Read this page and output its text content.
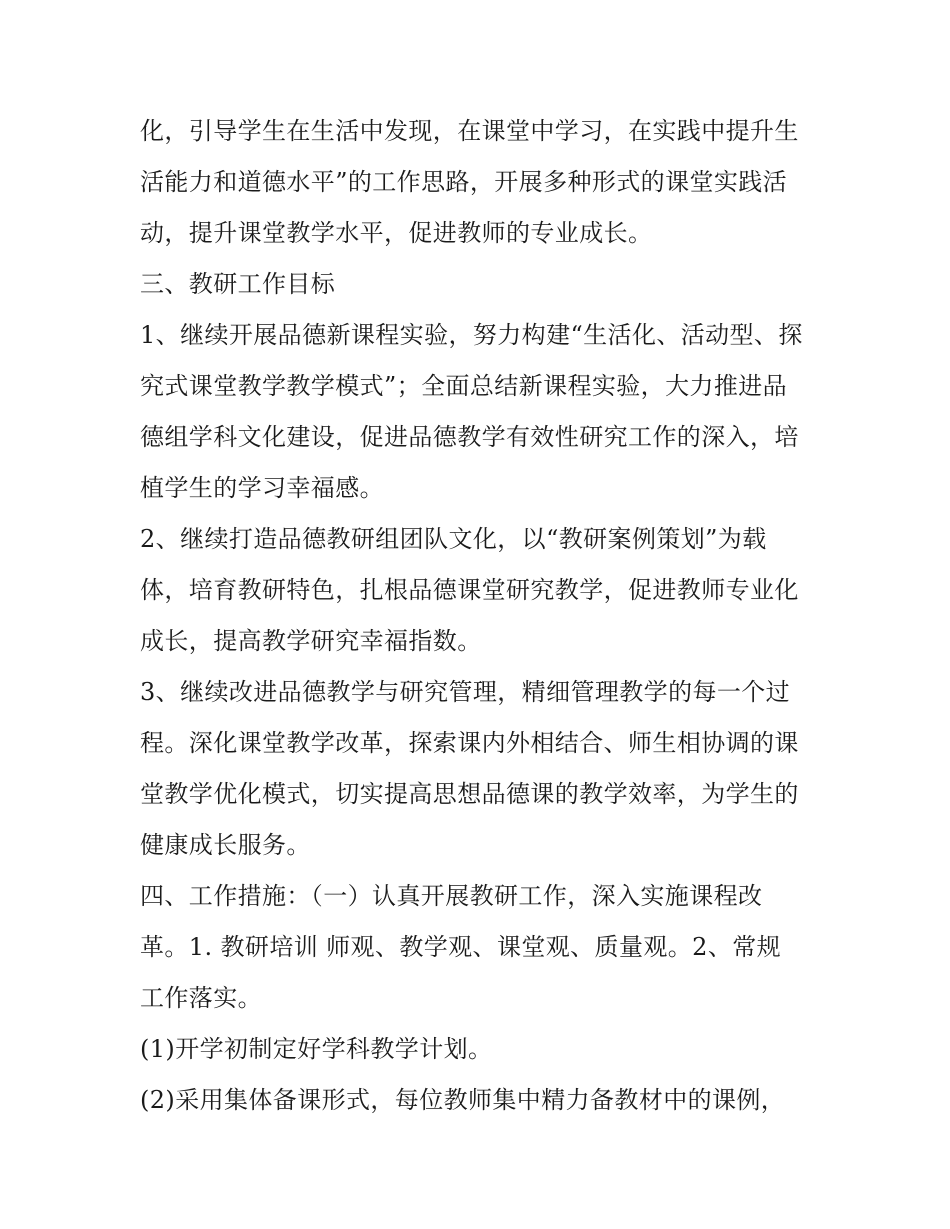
化，引导学生在生活中发现，在课堂中学习，在实践中提升生
活能力和道德水平”的工作思路，开展多种形式的课堂实践活
动，提升课堂教学水平，促进教师的专业成长。
三、教研工作目标
1、继续开展品德新课程实验，努力构建“生活化、活动型、探
究式课堂教学教学模式”；全面总结新课程实验，大力推进品
德组学科文化建设，促进品德教学有效性研究工作的深入，培
植学生的学习幸福感。
2、继续打造品德教研组团队文化，以“教研案例策划”为载
体，培育教研特色，扎根品德课堂研究教学，促进教师专业化
成长，提高教学研究幸福指数。
3、继续改进品德教学与研究管理，精细管理教学的每一个过
程。深化课堂教学改革，探索课内外相结合、师生相协调的课
堂教学优化模式，切实提高思想品德课的教学效率，为学生的
健康成长服务。
四、工作措施：（一）认真开展教研工作，深入实施课程改
革。1. 教研培训 师观、教学观、课堂观、质量观。2、常规
工作落实。
(1)开学初制定好学科教学计划。
(2)采用集体备课形式，每位教师集中精力备教材中的课例，
